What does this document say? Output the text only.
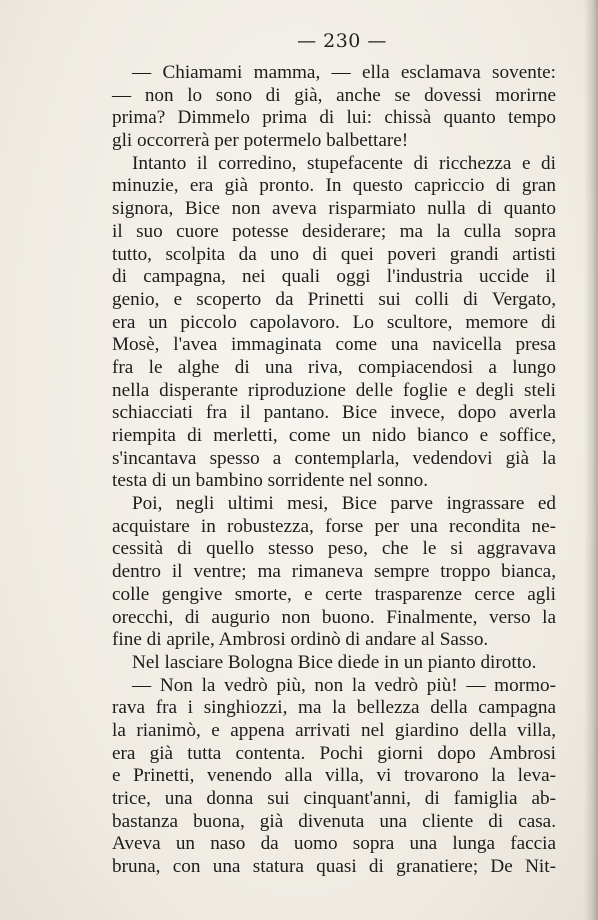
— 230 —
— Chiamami mamma, — ella esclamava sovente:
— non lo sono di già, anche se dovessi morirne
prima? Dimmelo prima di lui: chissà quanto tempo
gli occorrerà per potermelo balbettare!
Intanto il corredino, stupefacente di ricchezza e di
minuzie, era già pronto. In questo capriccio di gran
signora, Bice non aveva risparmiato nulla di quanto
il suo cuore potesse desiderare; ma la culla sopra
tutto, scolpita da uno di quei poveri grandi artisti
di campagna, nei quali oggi l'industria uccide il
genio, e scoperto da Prinetti sui colli di Vergato,
era un piccolo capolavoro. Lo scultore, memore di
Mosè, l'avea immaginata come una navicella presa
fra le alghe di una riva, compiacendosi a lungo
nella disperante riproduzione delle foglie e degli steli
schiacciati fra il pantano. Bice invece, dopo averla
riempita di merletti, come un nido bianco e soffice,
s'incantava spesso a contemplarla, vedendovi già la
testa di un bambino sorridente nel sonno.
Poi, negli ultimi mesi, Bice parve ingrassare ed
acquistare in robustezza, forse per una recondita ne-
cessità di quello stesso peso, che le si aggravava
dentro il ventre; ma rimaneva sempre troppo bianca,
colle gengive smorte, e certe trasparenze cerce agli
orecchi, di augurio non buono. Finalmente, verso la
fine di aprile, Ambrosi ordinò di andare al Sasso.
Nel lasciare Bologna Bice diede in un pianto dirotto.
— Non la vedrò più, non la vedrò più! — mormo-
rava fra i singhiozzi, ma la bellezza della campagna
la rianimò, e appena arrivati nel giardino della villa,
era già tutta contenta. Pochi giorni dopo Ambrosi
e Prinetti, venendo alla villa, vi trovarono la leva-
trice, una donna sui cinquant'anni, di famiglia ab-
bastanza buona, già divenuta una cliente di casa.
Aveva un naso da uomo sopra una lunga faccia
bruna, con una statura quasi di granatiere; De Nit-
